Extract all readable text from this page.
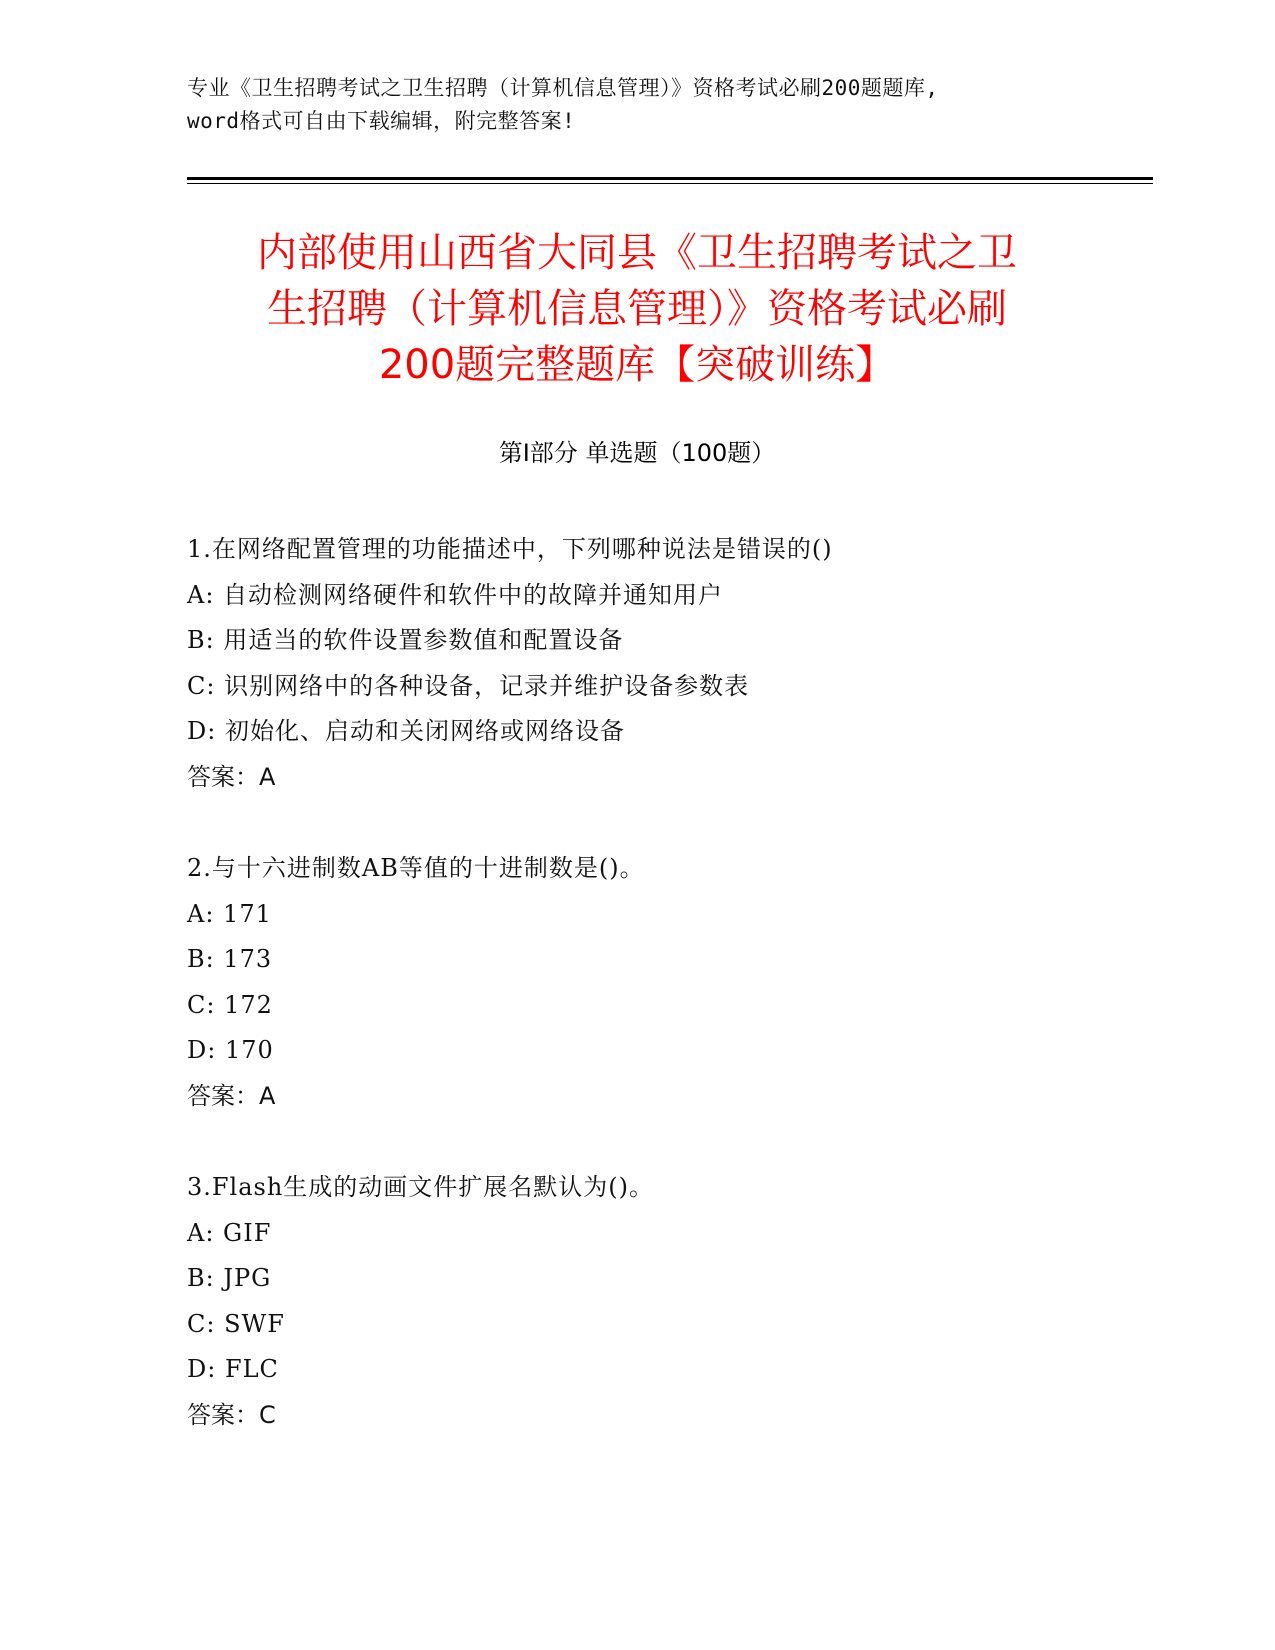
专业《卫生招聘考试之卫生招聘（计算机信息管理）》资格考试必刷200题题库,
word格式可自由下载编辑，附完整答案!
内部使用山西省大同县《卫生招聘考试之卫
生招聘（计算机信息管理）》资格考试必刷
200题完整题库【突破训练】
第I部分 单选题（100题）
1.在网络配置管理的功能描述中，下列哪种说法是错误的()
A: 自动检测网络硬件和软件中的故障并通知用户
B: 用适当的软件设置参数值和配置设备
C: 识别网络中的各种设备，记录并维护设备参数表
D: 初始化、启动和关闭网络或网络设备
答案：A
2.与十六进制数AB等值的十进制数是()。
A: 171
B: 173
C: 172
D: 170
答案：A
3.Flash生成的动画文件扩展名默认为()。
A: GIF
B: JPG
C: SWF
D: FLC
答案：C
